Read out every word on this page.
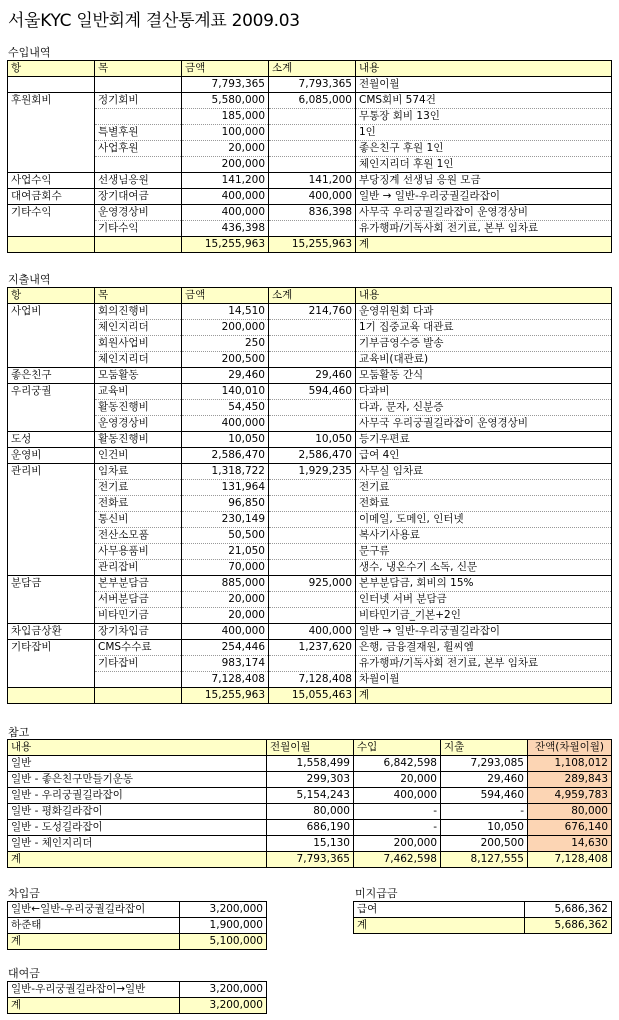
서울KYC 일반회계 결산통계표 2009.03
수입내역
항	목	금액	소계	내용
		7,793,365	7,793,365	전월이월
후원회비	정기회비	5,580,000	6,085,000	CMS회비 574건
		185,000		무통장 회비 13인
	특별후원	100,000		1인
	사업후원	20,000		좋은친구 후원 1인
		200,000		체인지리더 후원 1인
사업수익	선생님응원	141,200	141,200	부당징계 선생님 응원 모금
대여금회수	장기대여금	400,000	400,000	일반 → 일반-우리궁궐길라잡이
기타수익	운영경상비	400,000	836,398	사무국 우리궁궐길라잡이 운영경상비
	기타수익	436,398		유가행파/기독사회 전기료, 본부 임차료
		15,255,963	15,255,963	계
지출내역
항	목	금액	소계	내용
사업비	회의진행비	14,510	214,760	운영위원회 다과
	체인지리더	200,000		1기 집중교육 대관료
	회원사업비	250		기부금영수증 발송
	체인지리더	200,500		교육비(대관료)
좋은친구	모둠활동	29,460	29,460	모둠활동 간식
우리궁궐	교육비	140,010	594,460	다과비
	활동진행비	54,450		다과, 문자, 신분증
	운영경상비	400,000		사무국 우리궁궐길라잡이 운영경상비
도성	활동진행비	10,050	10,050	등기우편료
운영비	인건비	2,586,470	2,586,470	급여 4인
관리비	임차료	1,318,722	1,929,235	사무실 임차료
	전기료	131,964		전기료
	전화료	96,850		전화료
	통신비	230,149		이메일, 도메인, 인터넷
	전산소모품	50,500		복사기사용료
	사무용품비	21,050		문구류
	관리잡비	70,000		생수, 냉온수기 소독, 신문
분담금	본부분담금	885,000	925,000	본부분담금, 회비의 15%
	서버분담금	20,000		인터넷 서버 분담금
	비타민기금	20,000		비타민기금_기본+2인
차입금상환	장기차입금	400,000	400,000	일반 → 일반-우리궁궐길라잡이
기타잡비	CMS수수료	254,446	1,237,620	은행, 금융결재원, 휠씨엠
	기타잡비	983,174		유가행파/기독사회 전기료, 본부 임차료
		7,128,408	7,128,408	차월이월
		15,255,963	15,055,463	계
참고
내용	전월이월	수입	지출	잔액(차월이월)
일반	1,558,499	6,842,598	7,293,085	1,108,012
일반 - 좋은친구만들기운동	299,303	20,000	29,460	289,843
일반 - 우리궁궐길라잡이	5,154,243	400,000	594,460	4,959,783
일반 - 평화길라잡이	80,000	-	-	80,000
일반 - 도성길라잡이	686,190	-	10,050	676,140
일반 - 체인지리더	15,130	200,000	200,500	14,630
계	7,793,365	7,462,598	8,127,555	7,128,408
차입금
일반←일반-우리궁궐길라잡이	3,200,000
하준태	1,900,000
계	5,100,000
미지급금
급여	5,686,362
계	5,686,362
대여금
일반-우리궁궐길라잡이→일반	3,200,000
계	3,200,000
